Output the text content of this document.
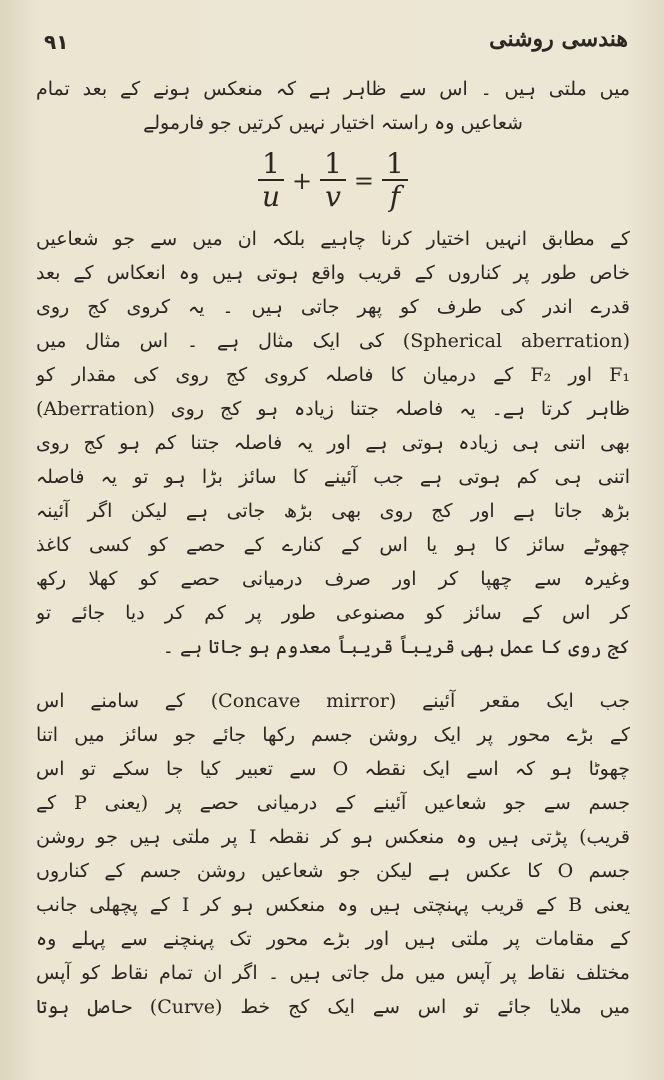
هندسی روشنی
۹۱
میں ملتی ہیں ۔ اس سے ظاہر ہے کہ منعکس ہونے کے بعد تمام
شعاعیں وہ راستہ اختیار نہیں کرتیں جو فارمولے
$\frac{1}{u} + \frac{1}{v} = \frac{1}{f}$
کے مطابق انہیں اختیار کرنا چاہیے بلکہ ان میں سے جو شعاعیں
خاص طور پر کناروں کے قریب واقع ہوتی ہیں وہ انعکاس کے بعد
قدرے اندر کی طرف کو پھر جاتی ہیں ۔ یہ کروی کج روی
(Spherical aberration) کی ایک مثال ہے ۔ اس مثال میں
F₁ اور F₂ کے درمیان کا فاصلہ کروی کج روی کی مقدار کو
ظاہر کرتا ہے۔ یہ فاصلہ جتنا زیادہ ہو کج روی (Aberration)
بھی اتنی ہی زیادہ ہوتی ہے اور یہ فاصلہ جتنا کم ہو کج روی
اتنی ہی کم ہوتی ہے جب آئینے کا سائز بڑا ہو تو یہ فاصلہ
بڑھ جاتا ہے اور کج روی بھی بڑھ جاتی ہے لیکن اگر آئینہ
چھوٹے سائز کا ہو یا اس کے کنارے کے حصے کو کسی کاغذ
وغیرہ سے چھپا کر اور صرف درمیانی حصے کو کھلا رکھ
کر اس کے سائز کو مصنوعی طور پر کم کر دیا جائے تو
کج روی کا عمل بھی قریباً قریباً معدوم ہو جاتا ہے ۔
جب ایک مقعر آئینے (Concave mirror) کے سامنے اس
کے بڑے محور پر ایک روشن جسم رکھا جائے جو سائز میں اتنا
چھوٹا ہو کہ اسے ایک نقطہ O سے تعبیر کیا جا سکے تو اس
جسم سے جو شعاعیں آئینے کے درمیانی حصے پر (یعنی P کے
قریب) پڑتی ہیں وہ منعکس ہو کر نقطہ I پر ملتی ہیں جو روشن
جسم O کا عکس ہے لیکن جو شعاعیں روشن جسم کے کناروں
یعنی B کے قریب پہنچتی ہیں وہ منعکس ہو کر I کے پچھلی جانب
کے مقامات پر ملتی ہیں اور بڑے محور تک پہنچنے سے پہلے وہ
مختلف نقاط پر آپس میں مل جاتی ہیں ۔ اگر ان تمام نقاط کو آپس
میں ملایا جائے تو اس سے ایک کج خط (Curve) حاصل ہوتا
